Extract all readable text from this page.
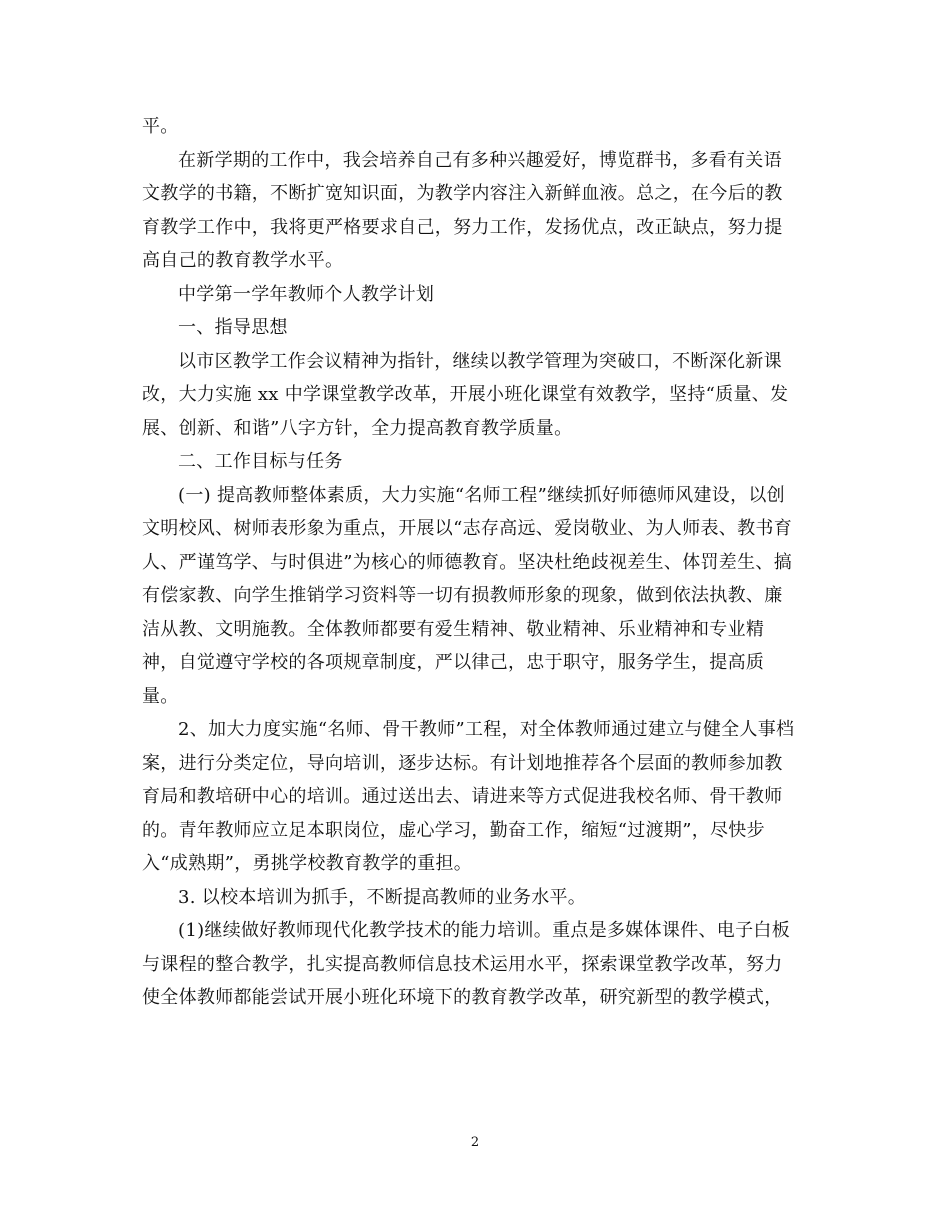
平。
在新学期的工作中，我会培养自己有多种兴趣爱好，博览群书，多看有关语
文教学的书籍，不断扩宽知识面，为教学内容注入新鲜血液。总之，在今后的教
育教学工作中，我将更严格要求自己，努力工作，发扬优点，改正缺点，努力提
高自己的教育教学水平。
中学第一学年教师个人教学计划
一、指导思想
以市区教学工作会议精神为指针，继续以教学管理为突破口，不断深化新课
改，大力实施 xx 中学课堂教学改革，开展小班化课堂有效教学，坚持“质量、发
展、创新、和谐”八字方针，全力提高教育教学质量。
二、工作目标与任务
(一) 提高教师整体素质，大力实施“名师工程”继续抓好师德师风建设，以创
文明校风、树师表形象为重点，开展以“志存高远、爱岗敬业、为人师表、教书育
人、严谨笃学、与时俱进”为核心的师德教育。坚决杜绝歧视差生、体罚差生、搞
有偿家教、向学生推销学习资料等一切有损教师形象的现象，做到依法执教、廉
洁从教、文明施教。全体教师都要有爱生精神、敬业精神、乐业精神和专业精
神，自觉遵守学校的各项规章制度，严以律己，忠于职守，服务学生，提高质
量。
2、加大力度实施“名师、骨干教师”工程，对全体教师通过建立与健全人事档
案，进行分类定位，导向培训，逐步达标。有计划地推荐各个层面的教师参加教
育局和教培研中心的培训。通过送出去、请进来等方式促进我校名师、骨干教师
的。青年教师应立足本职岗位，虚心学习，勤奋工作，缩短“过渡期”，尽快步
入“成熟期”，勇挑学校教育教学的重担。
3. 以校本培训为抓手，不断提高教师的业务水平。
(1)继续做好教师现代化教学技术的能力培训。重点是多媒体课件、电子白板
与课程的整合教学，扎实提高教师信息技术运用水平，探索课堂教学改革，努力
使全体教师都能尝试开展小班化环境下的教育教学改革，研究新型的教学模式，
2
